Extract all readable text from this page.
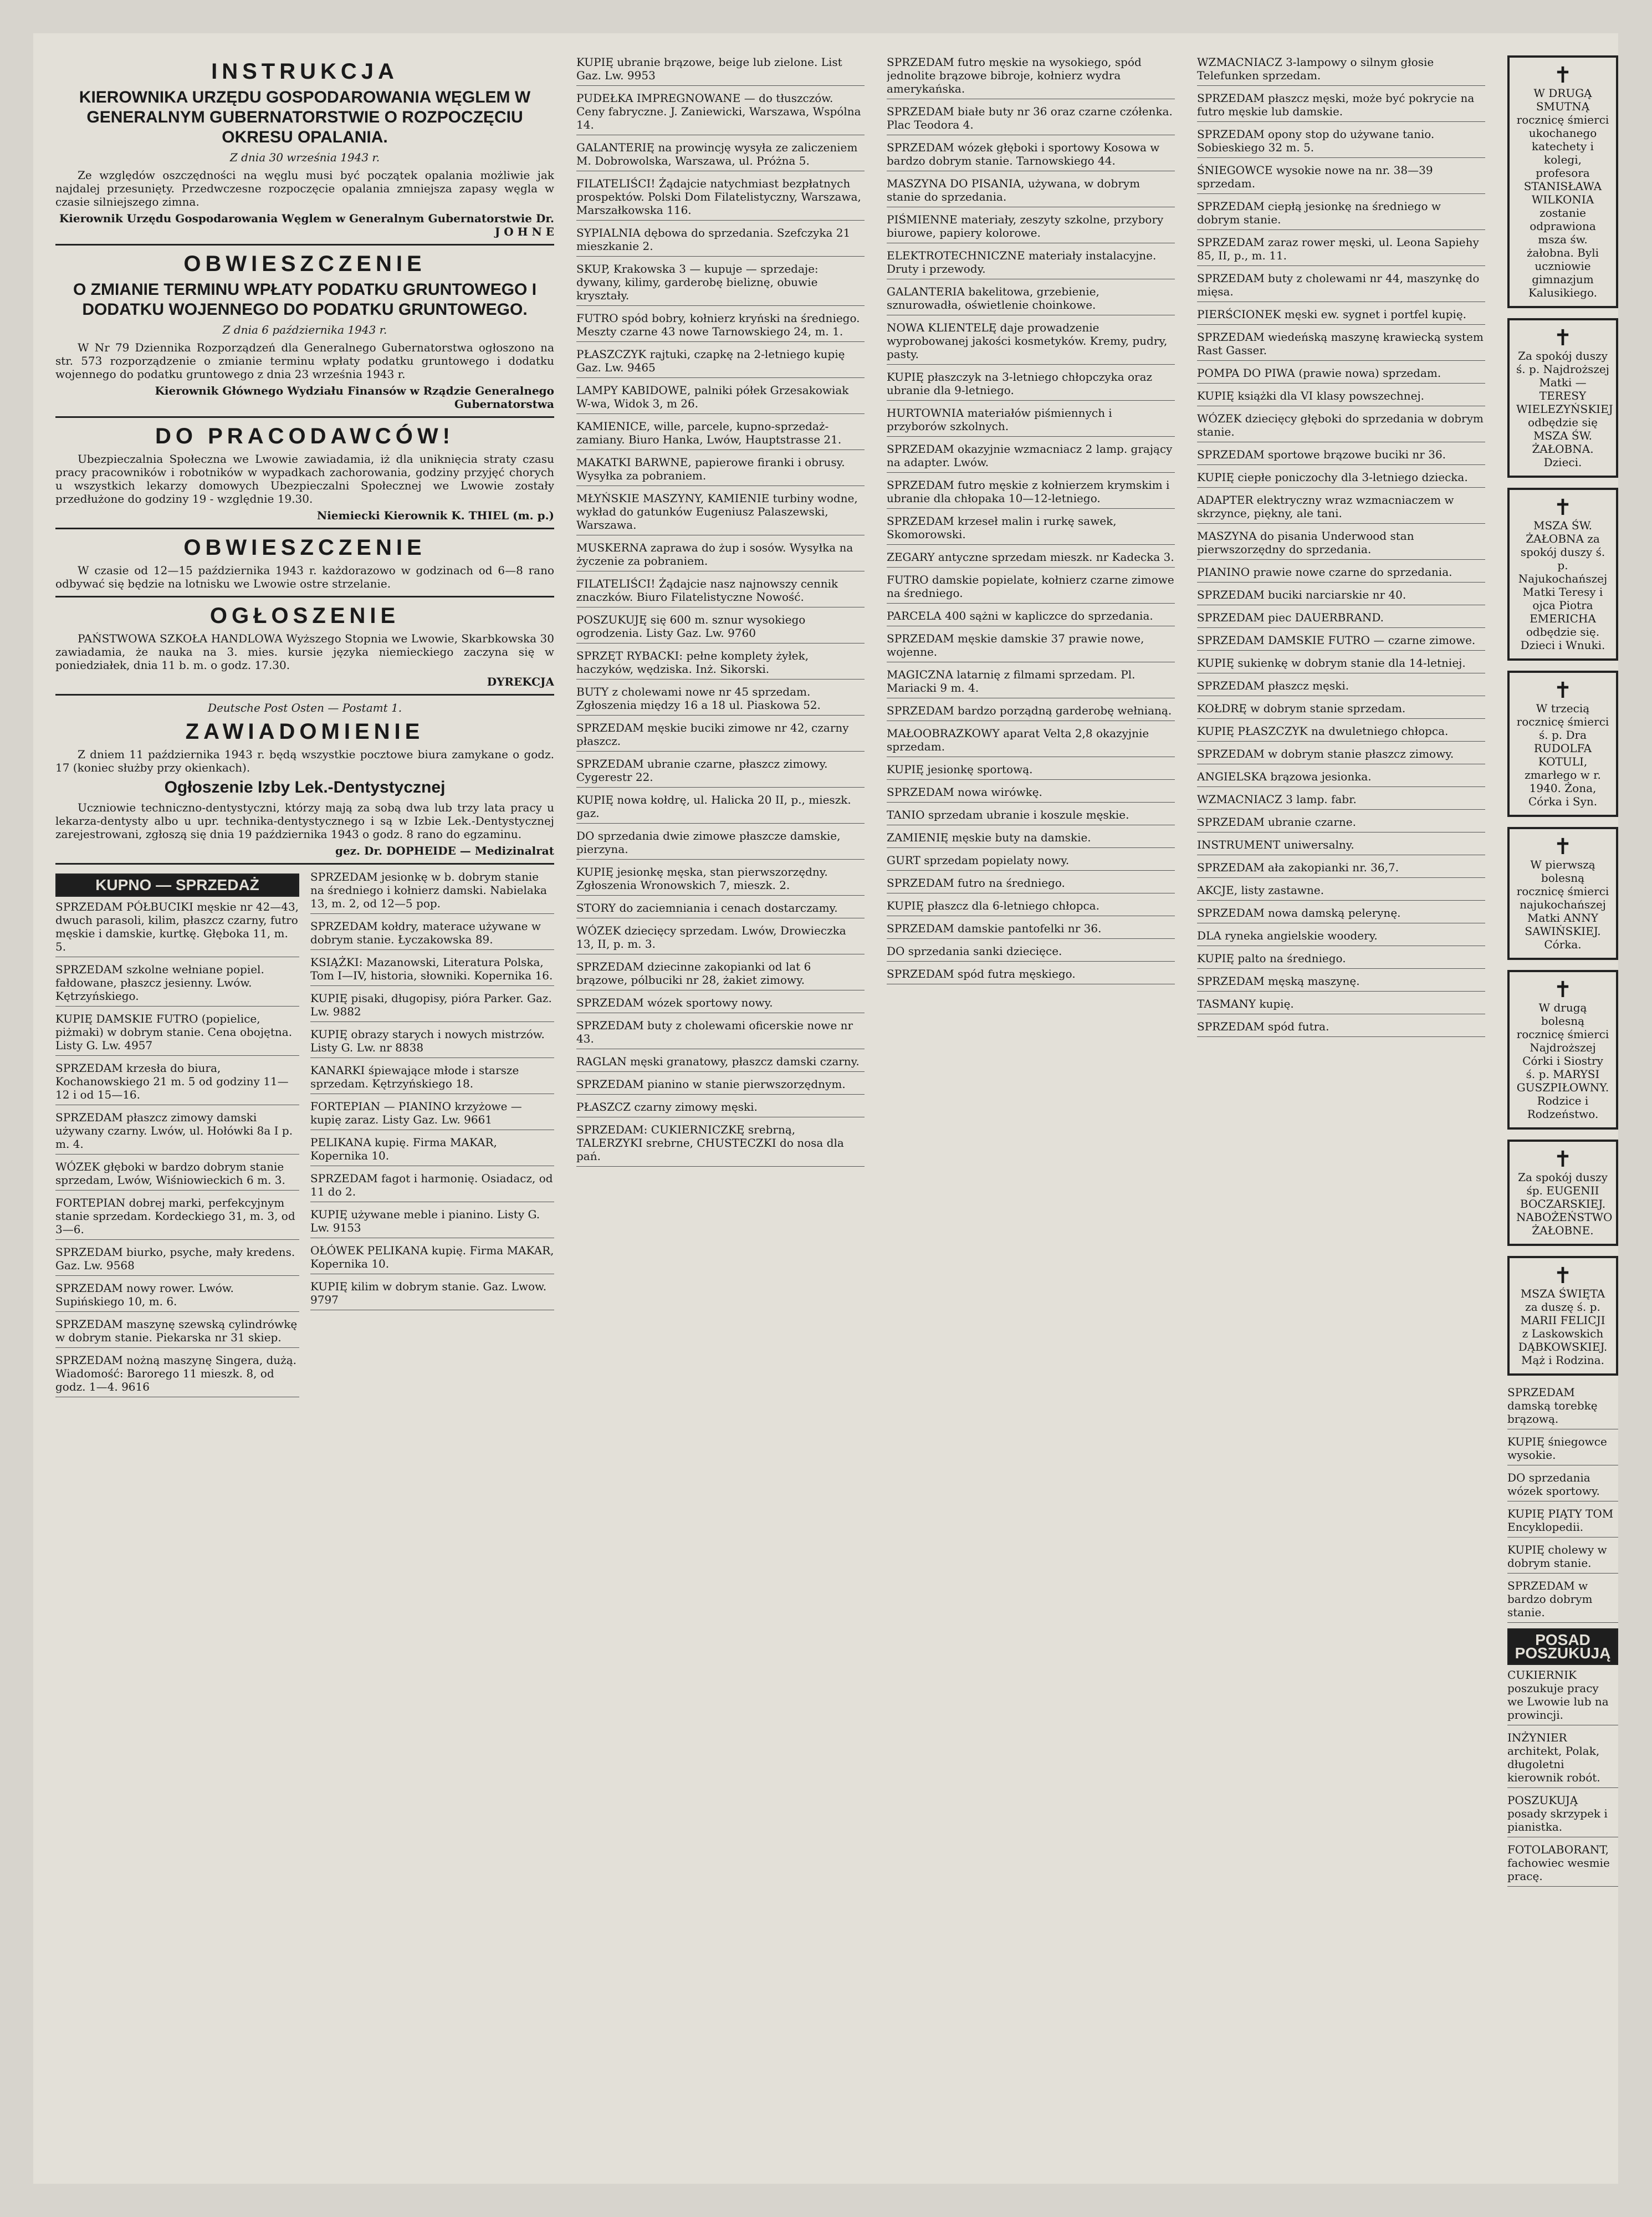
INSTRUKCJA
KIEROWNIKA URZĘDU GOSPODAROWANIA WĘGLEM W GENERALNYM GUBERNATORSTWIE O ROZPOCZĘCIU OKRESU OPALANIA.
Z dnia 30 września 1943 r.

Ze względów oszczędności na węglu musi być początek opalania możliwie jak najdalej przesunięty. Przedwczesne rozpoczęcie opalania zmniejsza zapasy węgla w czasie silniejszego zimna.

Kierownik Urzędu Gospodarowania Węglem w Generalnym Gubernatorstwie Dr. J O H N E
OBWIESZCZENIE
O ZMIANIE TERMINU WPŁATY PODATKU GRUNTOWEGO I DODATKU WOJENNEGO DO PODATKU GRUNTOWEGO.
Z dnia 6 października 1943 r.

W Nr 79 Dziennika Rozporządzeń dla Generalnego Gubernatorstwa ogłoszono na str. 573 rozporządzenie o zmianie terminu wpłaty podatku gruntowego i dodatku wojennego do podatku gruntowego z dnia 23 września 1943 r.

Kierownik Głównego Wydziału Finansów w Rządzie Generalnego Gubernatorstwa
DO PRACODAWCÓW!

Ubezpieczalnia Społeczna we Lwowie zawiadamia, iż dla uniknięcia straty czasu pracy pracowników i robotników w wypadkach zachorowania, godziny przyjęć chorych u wszystkich lekarzy domowych Ubezpieczalni Społecznej we Lwowie zostały przedłużone do godziny 19 - względnie 19.30.

Niemiecki Kierownik K. THIEL (m. p.)
OBWIESZCZENIE

W czasie od 12—15 października 1943 r. każdorazowo w godzinach od 6—8 rano odbywać się będzie na lotnisku we Lwowie ostre strzelanie.

OGŁOSZENIE

PAŃSTWOWA SZKOŁA HANDLOWA Wyższego Stopnia we Lwowie, Skarbkowska 30 zawiadamia, że nauka na 3. mies. kursie języka niemieckiego zaczyna się w poniedziałek, dnia 11 b. m. o godz. 17.30.

DYREKCJA
Deutsche Post Osten — Postamt 1.
ZAWIADOMIENIE

Z dniem 11 października 1943 r. będą wszystkie pocztowe biura zamykane o godz. 17 (koniec służby przy okienkach).

Ogłoszenie Izby Lek.-Dentystycznej

Uczniowie techniczno-dentystyczni, którzy mają za sobą dwa lub trzy lata pracy u lekarza-dentysty albo u upr. technika-dentystycznego i są w Izbie Lek.-Dentystycznej zarejestrowani, zgłoszą się dnia 19 października 1943 o godz. 8 rano do egzaminu.

gez. Dr. DOPHEIDE — Medizinalrat
KUPNO — SPRZEDAŻ
SPRZEDAM PÓŁBUCIKI męskie nr 42—43, dwuch parasoli, kilim, płaszcz czarny, futro męskie i damskie, kurtkę. Głęboka 11, m. 5.
SPRZEDAM szkolne wełniane popiel. fałdowane, płaszcz jesienny. Lwów. Kętrzyńskiego.
KUPIĘ DAMSKIE FUTRO (popielice, piżmaki) w dobrym stanie. Cena obojętna. Listy G. Lw. 4957
SPRZEDAM krzesła do biura, Kochanowskiego 21 m. 5 od godziny 11—12 i od 15—16.
SPRZEDAM płaszcz zimowy damski używany czarny. Lwów, ul. Hołówki 8a I p. m. 4.
WÓZEK głęboki w bardzo dobrym stanie sprzedam, Lwów, Wiśniowieckich 6 m. 3.
FORTEPIAN dobrej marki, perfekcyjnym stanie sprzedam. Kordeckiego 31, m. 3, od 3—6.
SPRZEDAM biurko, psyche, mały kredens. Gaz. Lw. 9568
SPRZEDAM nowy rower. Lwów. Supińskiego 10, m. 6.
SPRZEDAM maszynę szewską cylindrówkę w dobrym stanie. Piekarska nr 31 skiep.
SPRZEDAM nożną maszynę Singera, dużą. Wiadomość: Barorego 11 mieszk. 8, od godz. 1—4. 9616
SPRZEDAM jesionkę w b. dobrym stanie na średniego i kołnierz damski. Nabielaka 13, m. 2, od 12—5 pop.
SPRZEDAM kołdry, materace używane w dobrym stanie. Łyczakowska 89.
KSIĄŻKI: Mazanowski, Literatura Polska, Tom I—IV, historia, słowniki. Kopernika 16.
KUPIĘ pisaki, długopisy, pióra Parker. Gaz. Lw. 9882
KUPIĘ obrazy starych i nowych mistrzów. Listy G. Lw. nr 8838
KANARKI śpiewające młode i starsze sprzedam. Kętrzyńskiego 18.
FORTEPIAN — PIANINO krzyżowe — kupię zaraz. Listy Gaz. Lw. 9661
PELIKANA kupię. Firma MAKAR, Kopernika 10.
SPRZEDAM fagot i harmonię. Osiadacz, od 11 do 2.
KUPIĘ używane meble i pianino. Listy G. Lw. 9153
OŁÓWEK PELIKANA kupię. Firma MAKAR, Kopernika 10.
KUPIĘ kilim w dobrym stanie. Gaz. Lwow. 9797
KUPIĘ ubranie brązowe, beige lub zielone. List Gaz. Lw. 9953
PUDEŁKA IMPREGNOWANE — do tłuszczów. Ceny fabryczne. J. Zaniewicki, Warszawa, Wspólna 14.
GALANTERIĘ na prowincję wysyła ze zaliczeniem M. Dobrowolska, Warszawa, ul. Próżna 5.
FILATELIŚCI! Żądajcie natychmiast bezpłatnych prospektów. Polski Dom Filatelistyczny, Warszawa, Marszałkowska 116.
SYPIALNIA dębowa do sprzedania. Szefczyka 21 mieszkanie 2.
SKUP, Krakowska 3 — kupuje — sprzedaje: dywany, kilimy, garderobę bieliznę, obuwie kryształy.
FUTRO spód bobry, kołnierz kryński na średniego. Meszty czarne 43 nowe Tarnowskiego 24, m. 1.
PŁASZCZYK rajtuki, czapkę na 2-letniego kupię Gaz. Lw. 9465
LAMPY KABIDOWE, palniki półek Grzesakowiak W-wa, Widok 3, m 26.
KAMIENICE, wille, parcele, kupno-sprzedaż-zamiany. Biuro Hanka, Lwów, Hauptstrasse 21.
MAKATKI BARWNE, papierowe firanki i obrusy. Wysyłka za pobraniem.
MŁYŃSKIE MASZYNY, KAMIENIE turbiny wodne, wykład do gatunków Eugeniusz Palaszewski, Warszawa.
MUSKERNA zaprawa do żup i sosów. Wysyłka na życzenie za pobraniem.
FILATELIŚCI! Żądajcie nasz najnowszy cennik znaczków. Biuro Filatelistyczne Nowość.
POSZUKUJĘ się 600 m. sznur wysokiego ogrodzenia. Listy Gaz. Lw. 9760
SPRZĘT RYBACKI: pełne komplety żyłek, haczyków, wędziska. Inż. Sikorski.
BUTY z cholewami nowe nr 45 sprzedam. Zgłoszenia między 16 a 18 ul. Piaskowa 52.
SPRZEDAM męskie buciki zimowe nr 42, czarny płaszcz.
SPRZEDAM ubranie czarne, płaszcz zimowy. Cygerestr 22.
KUPIĘ nowa kołdrę, ul. Halicka 20 II, p., mieszk. gaz.
DO sprzedania dwie zimowe płaszcze damskie, pierzyna.
KUPIĘ jesionkę męska, stan pierwszorzędny. Zgłoszenia Wronowskich 7, mieszk. 2.
STORY do zaciemniania i cenach dostarczamy.
WÓZEK dziecięcy sprzedam. Lwów, Drowieczka 13, II, p. m. 3.
SPRZEDAM dziecinne zakopianki od lat 6 brązowe, pólbuciki nr 28, żakiet zimowy.
SPRZEDAM wózek sportowy nowy.
SPRZEDAM buty z cholewami oficerskie nowe nr 43.
RAGLAN męski granatowy, płaszcz damski czarny.
SPRZEDAM pianino w stanie pierwszorzędnym.
PŁASZCZ czarny zimowy męski.
SPRZEDAM: CUKIERNICZKĘ srebrną, TALERZYKI srebrne, CHUSTECZKI do nosa dla pań.
SPRZEDAM futro męskie na wysokiego, spód jednolite brązowe bibroje, kołnierz wydra amerykańska.
SPRZEDAM białe buty nr 36 oraz czarne czółenka. Plac Teodora 4.
SPRZEDAM wózek głęboki i sportowy Kosowa w bardzo dobrym stanie. Tarnowskiego 44.
MASZYNA DO PISANIA, używana, w dobrym stanie do sprzedania.
PIŚMIENNE materiały, zeszyty szkolne, przybory biurowe, papiery kolorowe.
ELEKTROTECHNICZNE materiały instalacyjne. Druty i przewody.
GALANTERIA bakelitowa, grzebienie, sznurowadła, oświetlenie choinkowe.
NOWA KLIENTELĘ daje prowadzenie wyprobowanej jakości kosmetyków. Kremy, pudry, pasty.
KUPIĘ płaszczyk na 3-letniego chłopczyka oraz ubranie dla 9-letniego.
HURTOWNIA materiałów piśmiennych i przyborów szkolnych.
SPRZEDAM okazyjnie wzmacniacz 2 lamp. grający na adapter. Lwów.
SPRZEDAM futro męskie z kołnierzem krymskim i ubranie dla chłopaka 10—12-letniego.
SPRZEDAM krzeseł malin i rurkę sawek, Skomorowski.
ZEGARY antyczne sprzedam mieszk. nr Kadecka 3.
FUTRO damskie popielate, kołnierz czarne zimowe na średniego.
PARCELA 400 sążni w kapliczce do sprzedania.
SPRZEDAM męskie damskie 37 prawie nowe, wojenne.
MAGICZNA latarnię z filmami sprzedam. Pl. Mariacki 9 m. 4.
SPRZEDAM bardzo porządną garderobę wełnianą.
MAŁOOBRAZKOWY aparat Velta 2,8 okazyjnie sprzedam.
KUPIĘ jesionkę sportową.
SPRZEDAM nowa wirówkę.
TANIO sprzedam ubranie i koszule męskie.
ZAMIENIĘ męskie buty na damskie.
GURT sprzedam popielaty nowy.
SPRZEDAM futro na średniego.
KUPIĘ płaszcz dla 6-letniego chłopca.
SPRZEDAM damskie pantofelki nr 36.
DO sprzedania sanki dziecięce.
SPRZEDAM spód futra męskiego.
WZMACNIACZ 3-lampowy o silnym głosie Telefunken sprzedam.
SPRZEDAM płaszcz męski, może być pokrycie na futro męskie lub damskie.
SPRZEDAM opony stop do używane tanio. Sobieskiego 32 m. 5.
ŚNIEGOWCE wysokie nowe na nr. 38—39 sprzedam.
SPRZEDAM ciepłą jesionkę na średniego w dobrym stanie.
SPRZEDAM zaraz rower męski, ul. Leona Sapiehy 85, II, p., m. 11.
SPRZEDAM buty z cholewami nr 44, maszynkę do mięsa.
PIERŚCIONEK męski ew. sygnet i portfel kupię.
SPRZEDAM wiedeńską maszynę krawiecką system Rast Gasser.
POMPA DO PIWA (prawie nowa) sprzedam.
KUPIĘ książki dla VI klasy powszechnej.
WÓZEK dziecięcy głęboki do sprzedania w dobrym stanie.
SPRZEDAM sportowe brązowe buciki nr 36.
KUPIĘ ciepłe poniczochy dla 3-letniego dziecka.
ADAPTER elektryczny wraz wzmacniaczem w skrzynce, piękny, ale tani.
MASZYNA do pisania Underwood stan pierwszorzędny do sprzedania.
PIANINO prawie nowe czarne do sprzedania.
SPRZEDAM buciki narciarskie nr 40.
SPRZEDAM piec DAUERBRAND.
SPRZEDAM DAMSKIE FUTRO — czarne zimowe.
KUPIĘ sukienkę w dobrym stanie dla 14-letniej.
SPRZEDAM płaszcz męski.
KOŁDRĘ w dobrym stanie sprzedam.
KUPIĘ PŁASZCZYK na dwuletniego chłopca.
SPRZEDAM w dobrym stanie płaszcz zimowy.
ANGIELSKA brązowa jesionka.
WZMACNIACZ 3 lamp. fabr.
SPRZEDAM ubranie czarne.
INSTRUMENT uniwersalny.
SPRZEDAM ała zakopianki nr. 36,7.
AKCJE, listy zastawne.
SPRZEDAM nowa damską pelerynę.
DLA ryneka angielskie woodery.
KUPIĘ palto na średniego.
SPRZEDAM męską maszynę.
TASMANY kupię.
SPRZEDAM spód futra.
✝
W DRUGĄ SMUTNĄ rocznicę śmierci ukochanego katechety i kolegi, profesora STANISŁAWA WILKONIA zostanie odprawiona msza św. żałobna. Byli uczniowie gimnazjum Kalusikiego.
✝
Za spokój duszy ś. p. Najdroższej Matki — TERESY WIELEZYŃSKIEJ odbędzie się MSZA ŚW. ŻAŁOBNA. Dzieci.
✝
MSZA ŚW. ŻAŁOBNA za spokój duszy ś. p. Najukochańszej Matki Teresy i ojca Piotra EMERICHA odbędzie się. Dzieci i Wnuki.
✝
W trzecią rocznicę śmierci ś. p. Dra RUDOLFA KOTULI, zmarłego w r. 1940. Żona, Córka i Syn.
✝
W pierwszą bolesną rocznicę śmierci najukochańszej Matki ANNY SAWIŃSKIEJ. Córka.
✝
W drugą bolesną rocznicę śmierci Najdroższej Córki i Siostry ś. p. MARYSI GUSZPIŁOWNY. Rodzice i Rodzeństwo.
✝
Za spokój duszy śp. EUGENII BOCZARSKIEJ. NABOŻEŃSTWO ŻAŁOBNE.
✝
MSZA ŚWIĘTA za duszę ś. p. MARII FELICJI z Laskowskich DĄBKOWSKIEJ. Mąż i Rodzina.
SPRZEDAM damską torebkę brązową.
KUPIĘ śniegowce wysokie.
DO sprzedania wózek sportowy.
KUPIĘ PIĄTY TOM Encyklopedii.
KUPIĘ cholewy w dobrym stanie.
SPRZEDAM w bardzo dobrym stanie.
POSAD POSZUKUJĄ
CUKIERNIK poszukuje pracy we Lwowie lub na prowincji.
INŻYNIER architekt, Polak, długoletni kierownik robót.
POSZUKUJĄ posady skrzypek i pianistka.
FOTOLABORANT, fachowiec wesmie pracę.
